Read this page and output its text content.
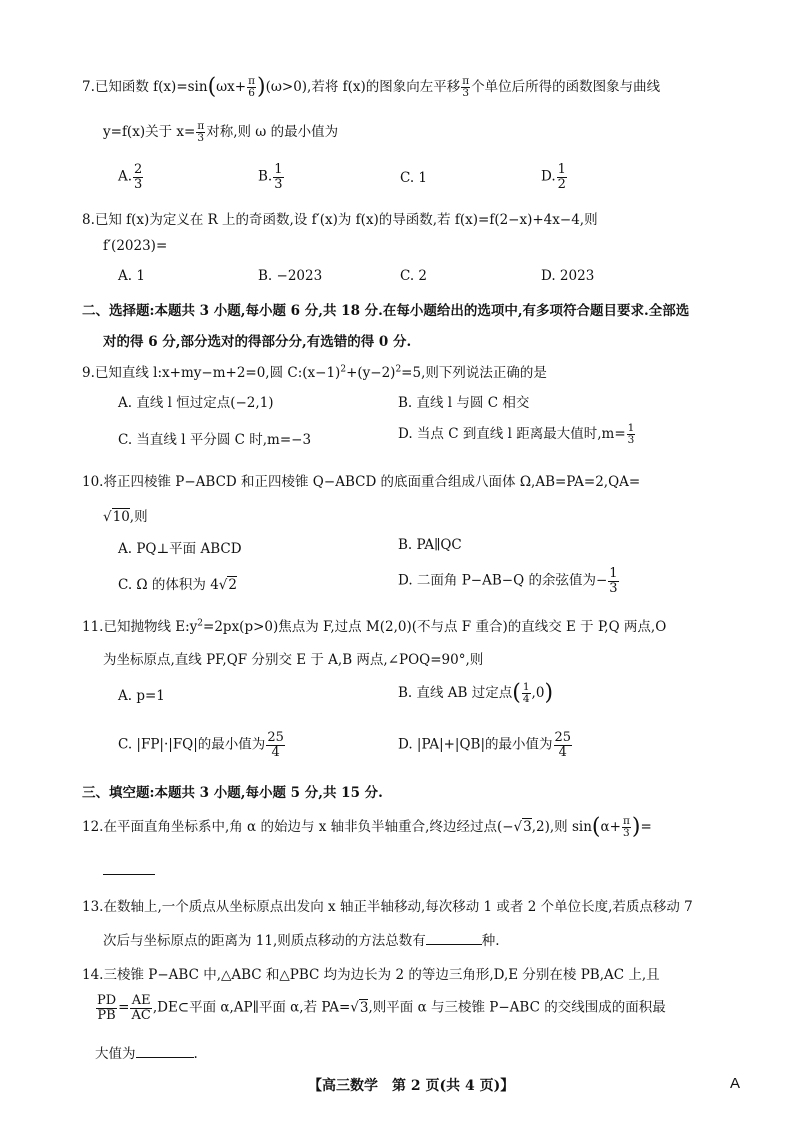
7.已知函数 $f(x)=\sin(\omega x+ \frac{\pi}{6} )(\omega>0)$,若将 f(x)的图象向左平移 $\frac{\pi}{3}$ 个单位后所得的函数图象与曲线
y=f(x)关于 $x= \frac{\pi}{3}$ 对称,则 ω 的最小值为
A. $\frac{2}{3}$	B. $\frac{1}{3}$	C. 1	D. $\frac{1}{2}$
8.已知 f(x)为定义在 R 上的奇函数,设 f′(x)为 f(x)的导函数,若 f(x)=f(2−x)+4x−4,则
f′(2023)=
A. 1	B. −2023	C. 2	D. 2023
二、选择题:本题共 3 小题,每小题 6 分,共 18 分.在每小题给出的选项中,有多项符合题目要求.全部选
对的得 6 分,部分选对的得部分分,有选错的得 0 分.
9.已知直线 l:x+my−m+2=0,圆 $C:(x-1)^2+(y-2)^2=5$,则下列说法正确的是
A. 直线 l 恒过定点(−2,1)	B. 直线 l 与圆 C 相交
C. 当直线 l 平分圆 C 时,m=−3	D. 当点 C 到直线 l 距离最大值时$,m= \frac{1}{3}$
10.将正四棱锥 P−ABCD 和正四棱锥 Q−ABCD 的底面重合组成八面体 Ω,AB=PA=2,QA=
√10,则
A. PQ⊥平面 ABCD	B. PA∥QC
C. Ω 的体积为 4√2	D. 二面角 P−AB−Q 的余弦值为− $\frac{1}{3}$
11.已知抛物线 $E:y^2=2px(p>0)$焦点为 F,过点 M(2,0)(不与点 F 重合)的直线交 E 于 P,Q 两点,O
为坐标原点,直线 PF,QF 分别交 E 于 A,B 两点,∠POQ=90°,则
A. p=1	B. 直线 AB 过定点( $\frac{1}{4} ,0$)
C. |FP|·|FQ|的最小值为 $\frac{25}{4}$	D. |PA|+|QB|的最小值为 $\frac{25}{4}$
三、填空题:本题共 3 小题,每小题 5 分,共 15 分.
12.在平面直角坐标系中,角 α 的始边与 x 轴非负半轴重合,终边经过点(−√3,2),则 $\sin(\alpha+ \frac{\pi}{3}$ )=
13.在数轴上,一个质点从坐标原点出发向 x 轴正半轴移动,每次移动 1 或者 2 个单位长度,若质点移动 7
次后与坐标原点的距离为 11,则质点移动的方法总数有	种.
14.三棱锥 P−ABC 中,△ABC 和△PBC 均为边长为 2 的等边三角形,D,E 分别在棱 PB,AC 上,且
$\frac{PD}{PB} = \frac{AE}{AC}$ ,DE⊂平面 α,AP∥平面 α,若 PA=√3,则平面 α 与三棱锥 P−ABC 的交线围成的面积最
大值为	.
【高三数学　第 2 页(共 4 页)】	A
